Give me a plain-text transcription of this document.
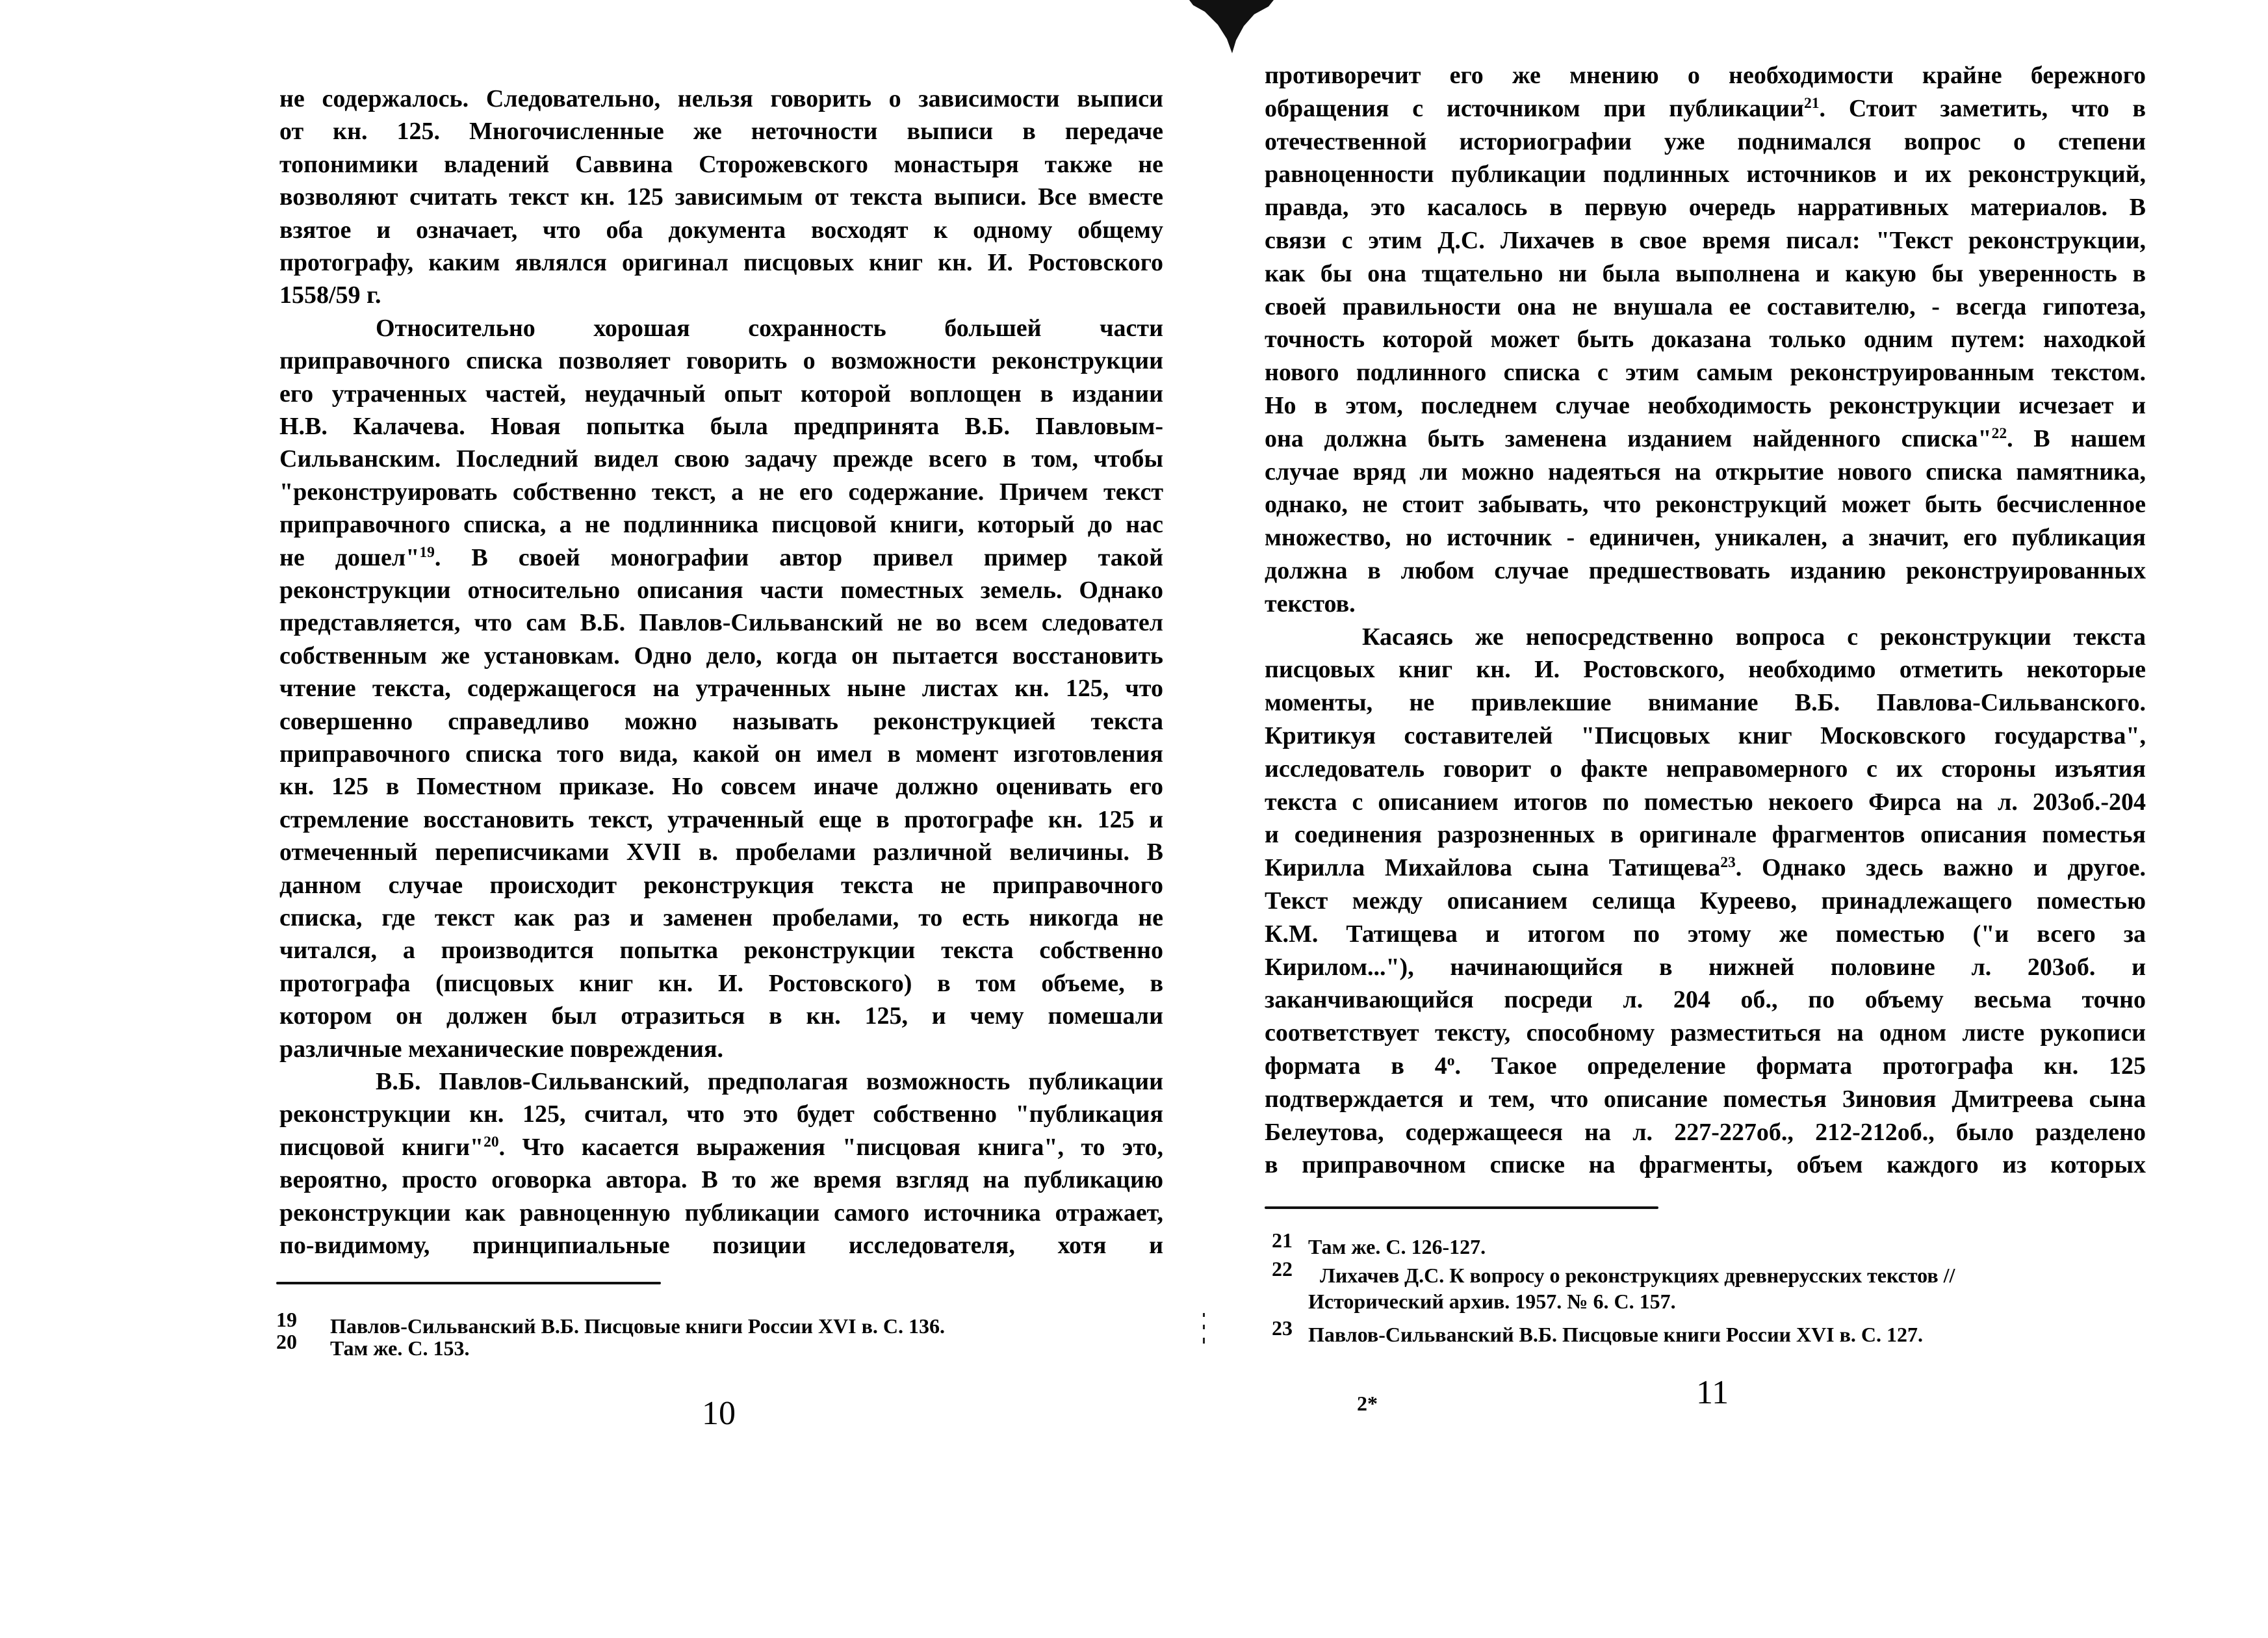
не содержалось. Следовательно, нельзя говорить о зависимости выписи
от кн. 125. Многочисленные же неточности выписи в передаче
топонимики владений Саввина Сторожевского монастыря также не
возволяют считать текст кн. 125 зависимым от текста выписи. Все вместе
взятое и означает, что оба документа восходят к одному общему
протографу, каким являлся оригинал писцовых книг кн. И. Ростовского
1558/59 г.
Относительно хорошая сохранность большей части
приправочного списка позволяет говорить о возможности реконструкции
его утраченных частей, неудачный опыт которой воплощен в издании
Н.В. Калачева. Новая попытка была предпринята В.Б. Павловым-
Сильванским. Последний видел свою задачу прежде всего в том, чтобы
"реконструировать собственно текст, а не его содержание. Причем текст
приправочного списка, а не подлинника писцовой книги, который до нас
не дошел"$^{19}$. В своей монографии автор привел пример такой
реконструкции относительно описания части поместных земель. Однако
представляется, что сам В.Б. Павлов-Сильванский не во всем следовател
собственным же установкам. Одно дело, когда он пытается восстановить
чтение текста, содержащегося на утраченных ныне листах кн. 125, что
совершенно справедливо можно называть реконструкцией текста
приправочного списка того вида, какой он имел в момент изготовления
кн. 125 в Поместном приказе. Но совсем иначе должно оценивать его
стремление восстановить текст, утраченный еще в протографе кн. 125 и
отмеченный переписчиками XVII в. пробелами различной величины. В
данном случае происходит реконструкция текста не приправочного
списка, где текст как раз и заменен пробелами, то есть никогда не
читался, а производится попытка реконструкции текста собственно
протографа (писцовых книг кн. И. Ростовского) в том объеме, в
котором он должен был отразиться в кн. 125, и чему помешали
различные механические повреждения.
В.Б. Павлов-Сильванский, предполагая возможность публикации
реконструкции кн. 125, считал, что это будет собственно "публикация
писцовой книги"$^{20}$. Что касается выражения "писцовая книга", то это,
вероятно, просто оговорка автора. В то же время взгляд на публикацию
реконструкции как равноценную публикации самого источника отражает,
по-видимому, принципиальные позиции исследователя, хотя и
19 Павлов-Сильванский В.Б. Писцовые книги России XVI в. С. 136.
20 Там же. С. 153.
10
противоречит его же мнению о необходимости крайне бережного
обращения с источником при публикации$^{21}$. Стоит заметить, что в
отечественной историографии уже поднимался вопрос о степени
равноценности публикации подлинных источников и их реконструкций,
правда, это касалось в первую очередь нарративных материалов. В
связи с этим Д.С. Лихачев в свое время писал: "Текст реконструкции,
как бы она тщательно ни была выполнена и какую бы уверенность в
своей правильности она не внушала ее составителю, - всегда гипотеза,
точность которой может быть доказана только одним путем: находкой
нового подлинного списка с этим самым реконструированным текстом.
Но в этом, последнем случае необходимость реконструкции исчезает и
она должна быть заменена изданием найденного списка"$^{22}$. В нашем
случае вряд ли можно надеяться на открытие нового списка памятника,
однако, не стоит забывать, что реконструкций может быть бесчисленное
множество, но источник - единичен, уникален, а значит, его публикация
должна в любом случае предшествовать изданию реконструированных
текстов.
Касаясь же непосредственно вопроса с реконструкции текста
писцовых книг кн. И. Ростовского, необходимо отметить некоторые
моменты, не привлекшие внимание В.Б. Павлова-Сильванского.
Критикуя составителей "Писцовых книг Московского государства",
исследователь говорит о факте неправомерного с их стороны изъятия
текста с описанием итогов по поместью некоего Фирса на л. 203об.-204
и соединения разрозненных в оригинале фрагментов описания поместья
Кирилла Михайлова сына Татищева$^{23}$. Однако здесь важно и другое.
Текст между описанием селища Куреево, принадлежащего поместью
К.М. Татищева и итогом по этому же поместью ("и всего за
Кирилом..."), начинающийся в нижней половине л. 203об. и
заканчивающийся посреди л. 204 об., по объему весьма точно
соответствует тексту, способному разместиться на одном листе рукописи
формата в $4^о$. Такое определение формата протографа кн. 125
подтверждается и тем, что описание поместья Зиновия Дмитреева сына
Белеутова, содержащееся на л. 227-227об., 212-212об., было разделено
в приправочном списке на фрагменты, объем каждого из которых
21 Там же. С. 126-127.
22 Лихачев Д.С. К вопросу о реконструкциях древнерусских текстов //
Исторический архив. 1957. № 6. С. 157.
23 Павлов-Сильванский В.Б. Писцовые книги России XVI в. С. 127.
11
2*
